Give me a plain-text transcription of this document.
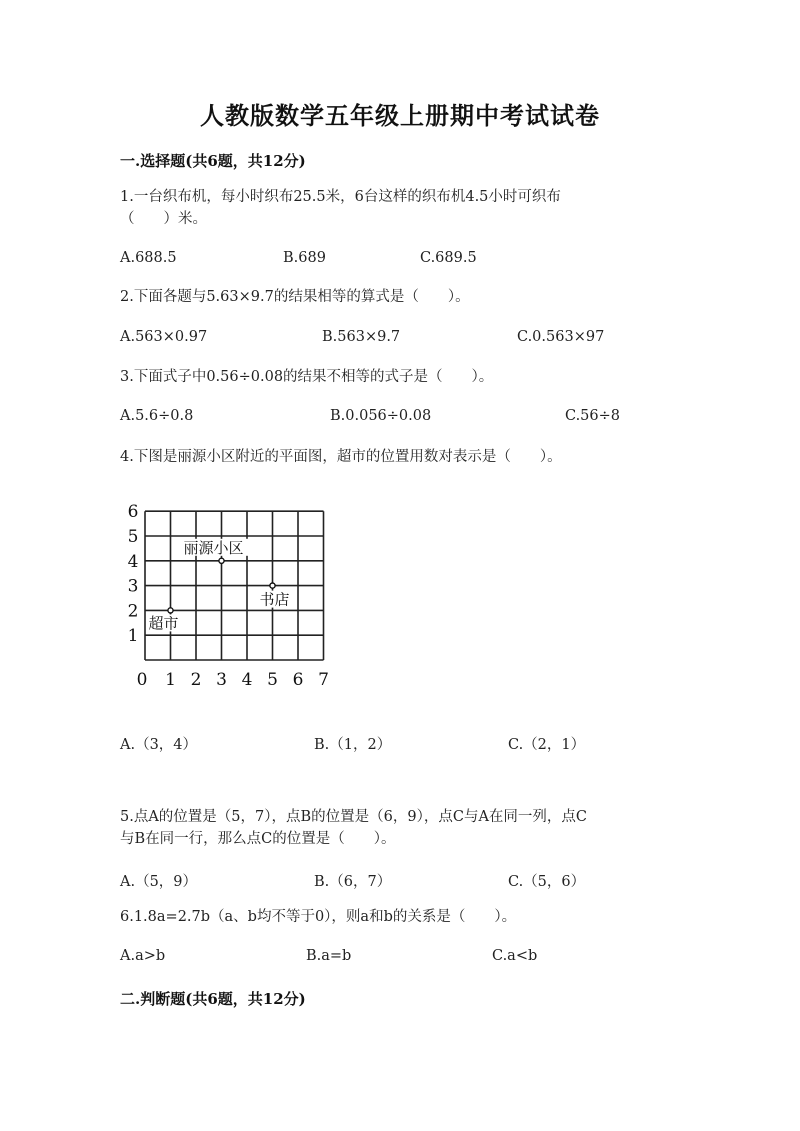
人教版数学五年级上册期中考试试卷
一.选择题(共6题，共12分)
1.一台织布机，每小时织布25.5米，6台这样的织布机4.5小时可织布
（　　）米。
A.688.5	B.689	C.689.5
2.下面各题与5.63×9.7的结果相等的算式是（　　）。
A.563×0.97	B.563×9.7	C.0.563×97
3.下面式子中0.56÷0.08的结果不相等的式子是（　　）。
A.5.6÷0.8	B.0.056÷0.08	C.56÷8
4.下图是丽源小区附近的平面图，超市的位置用数对表示是（　　）。
0 1 2 3 4 5 6 7
1
2
3
4
5
6
丽源小区
书店
超市
A.（3，4）	B.（1，2）	C.（2，1）
5.点A的位置是（5，7），点B的位置是（6，9），点C与A在同一列，点C
与B在同一行，那么点C的位置是（　　）。
A.（5，9）	B.（6，7）	C.（5，6）
6.1.8a=2.7b（a、b均不等于0），则a和b的关系是（　　）。
A.a>b	B.a=b	C.a<b
二.判断题(共6题，共12分)
